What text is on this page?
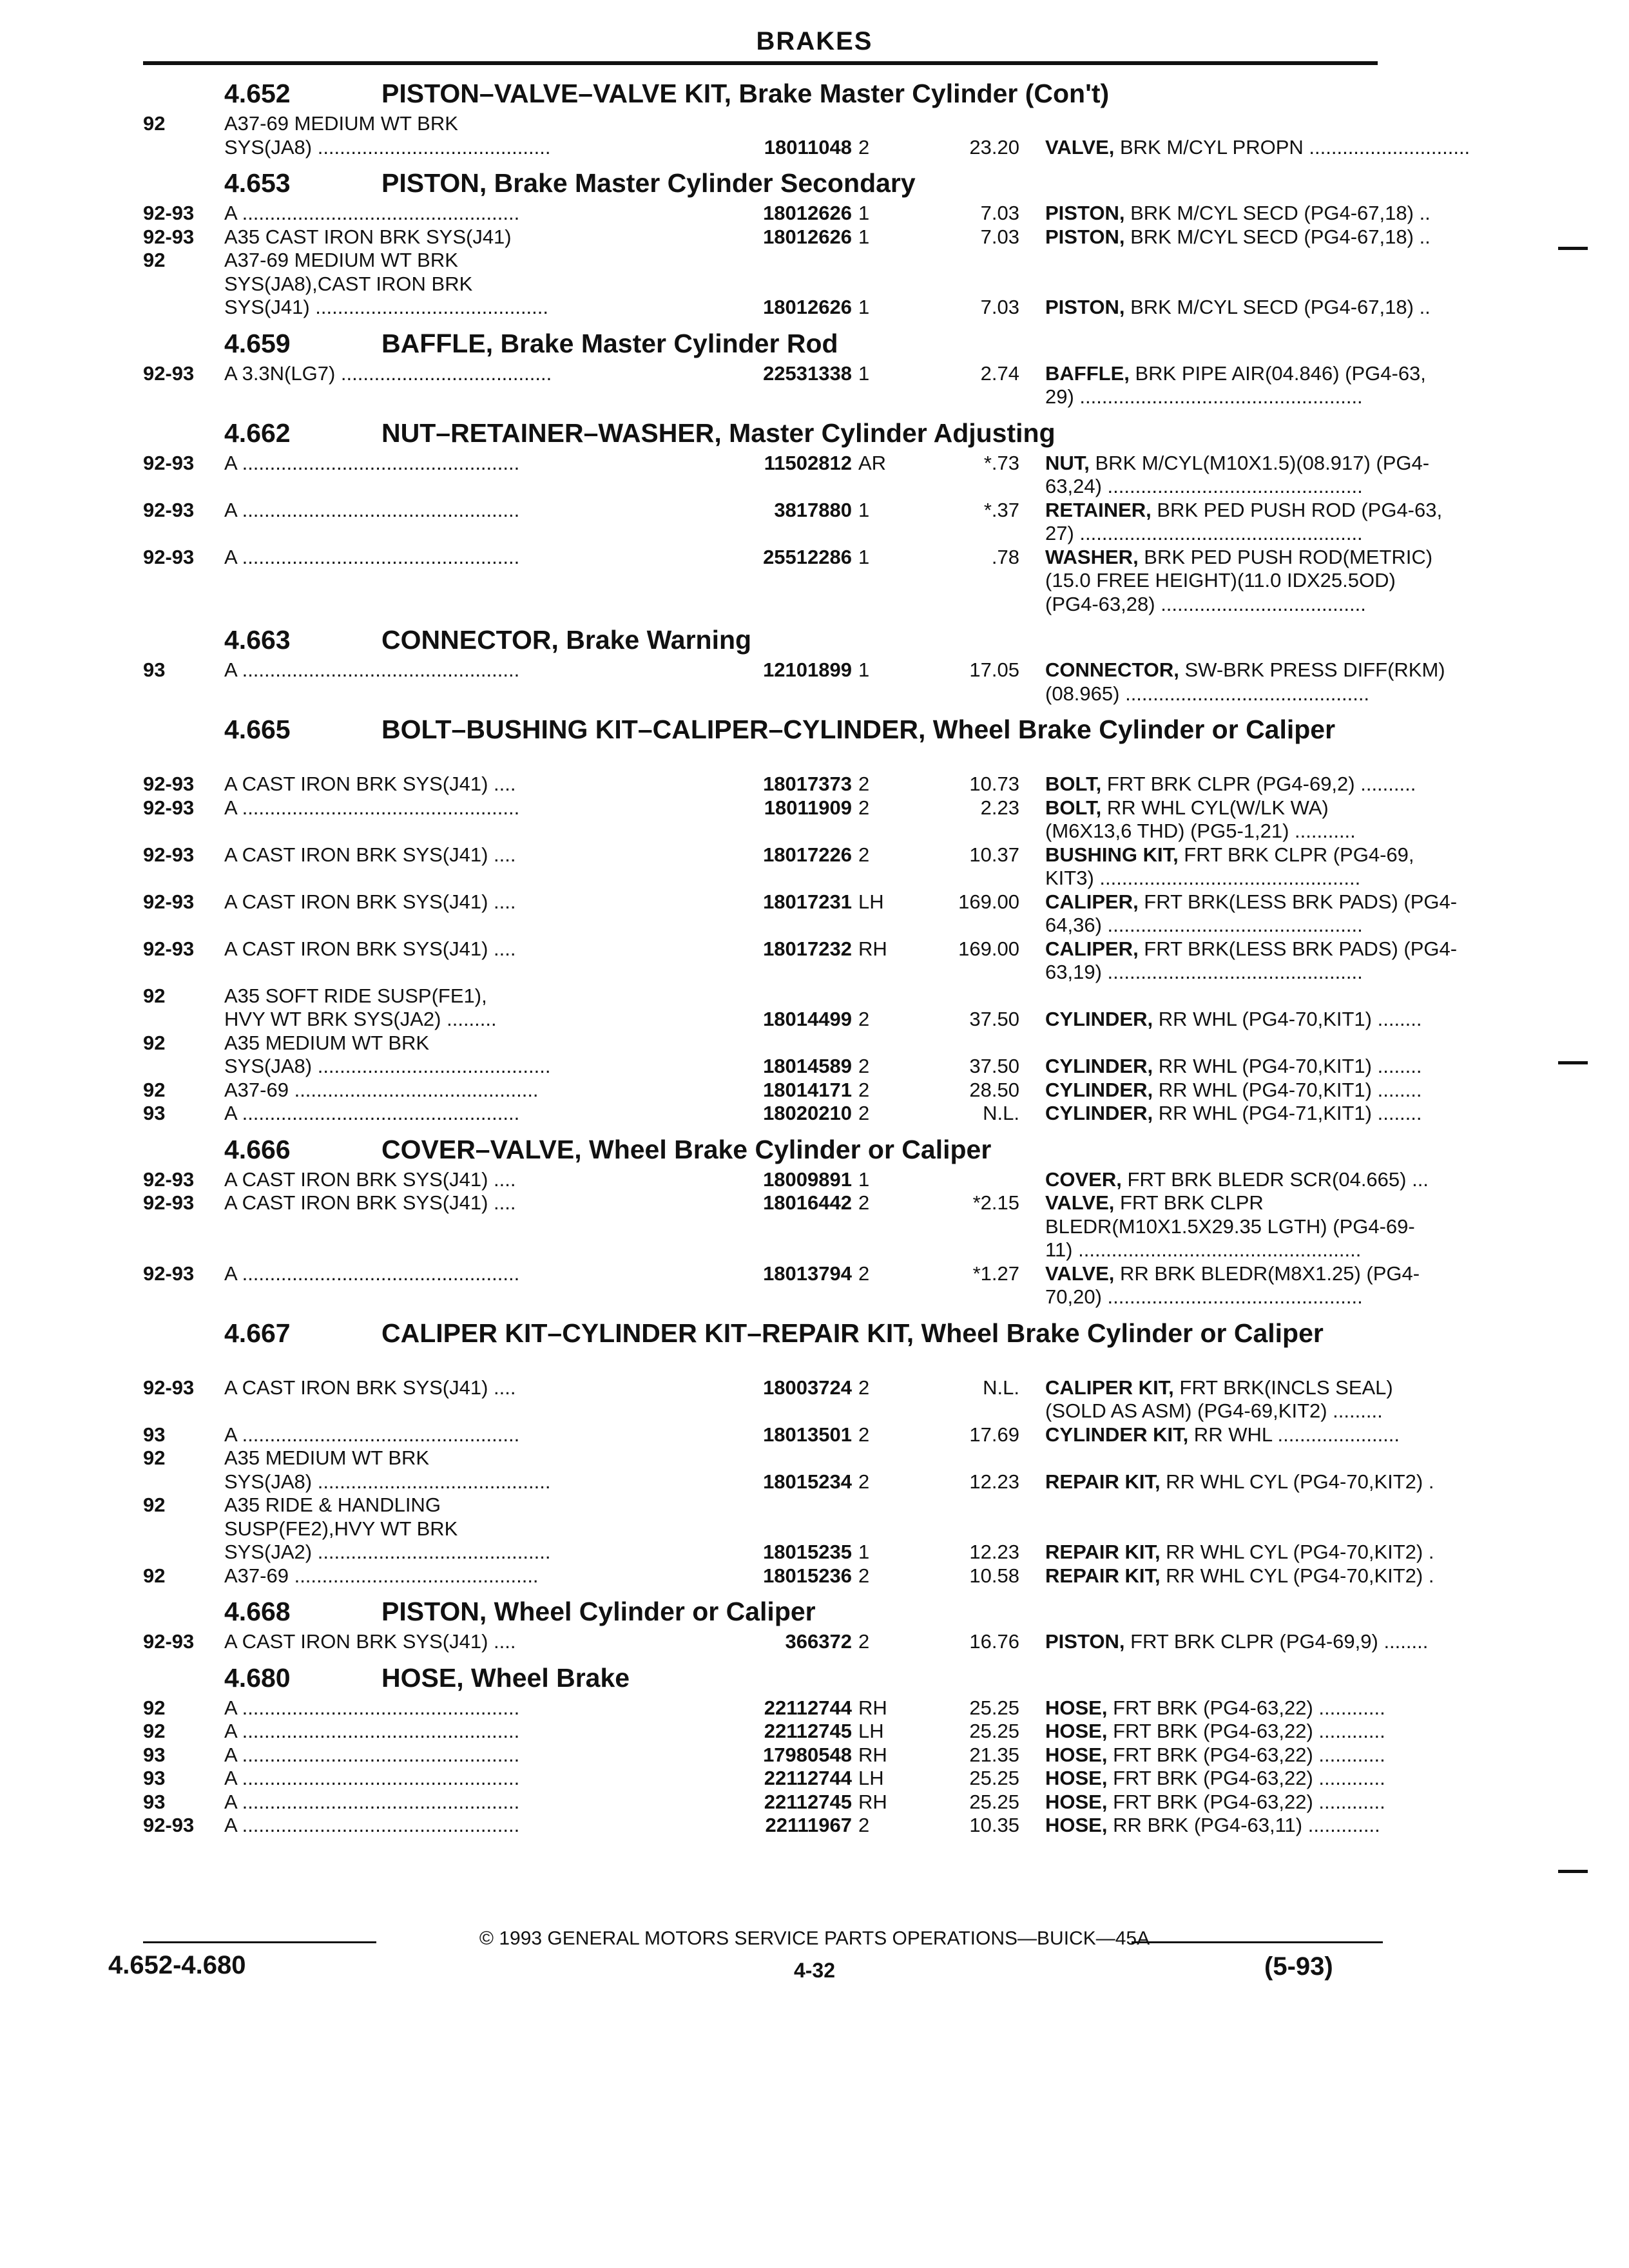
BRAKES
4.652	PISTON–VALVE–VALVE KIT, Brake Master Cylinder (Con't)
92	A37-69 MEDIUM WT BRK
SYS(JA8) ..........................................	18011048 2	23.20 VALVE, BRK M/CYL PROPN .............................
4.653	PISTON, Brake Master Cylinder Secondary
92-93 A ..................................................	18012626 1	7.03 PISTON, BRK M/CYL SECD (PG4-67,18) ..
92-93 A35 CAST IRON BRK SYS(J41)	18012626 1	7.03 PISTON, BRK M/CYL SECD (PG4-67,18) ..
92	A37-69 MEDIUM WT BRK
SYS(JA8),CAST IRON BRK
SYS(J41) ..........................................	18012626 1	7.03 PISTON, BRK M/CYL SECD (PG4-67,18) ..
4.659	BAFFLE, Brake Master Cylinder Rod
92-93 A 3.3N(LG7) ......................................	22531338 1	2.74 BAFFLE, BRK PIPE AIR(04.846) (PG4-63,
29) ...................................................
4.662	NUT–RETAINER–WASHER, Master Cylinder Adjusting
92-93 A ..................................................	11502812 AR	*.73 NUT, BRK M/CYL(M10X1.5)(08.917) (PG4-
63,24) ..............................................
92-93 A ..................................................	3817880 1	*.37 RETAINER, BRK PED PUSH ROD (PG4-63,
27) ...................................................
92-93 A ..................................................	25512286 1	.78 WASHER, BRK PED PUSH ROD(METRIC)
(15.0 FREE HEIGHT)(11.0 IDX25.5OD)
(PG4-63,28) .....................................
4.663	CONNECTOR, Brake Warning
93	A ..................................................	12101899 1	17.05 CONNECTOR, SW-BRK PRESS DIFF(RKM)
(08.965) ............................................
4.665	BOLT–BUSHING KIT–CALIPER–CYLINDER, Wheel Brake Cylinder or Caliper
92-93 A CAST IRON BRK SYS(J41) ....	18017373 2	10.73 BOLT, FRT BRK CLPR (PG4-69,2) ..........
92-93 A ..................................................	18011909 2	2.23 BOLT, RR WHL CYL(W/LK WA)
(M6X13,6 THD) (PG5-1,21) ...........
92-93 A CAST IRON BRK SYS(J41) ....	18017226 2	10.37 BUSHING KIT, FRT BRK CLPR (PG4-69,
KIT3) ...............................................
92-93 A CAST IRON BRK SYS(J41) ....	18017231 LH	169.00 CALIPER, FRT BRK(LESS BRK PADS) (PG4-
64,36) ..............................................
92-93 A CAST IRON BRK SYS(J41) ....	18017232 RH	169.00 CALIPER, FRT BRK(LESS BRK PADS) (PG4-
63,19) ..............................................
92	A35 SOFT RIDE SUSP(FE1),
HVY WT BRK SYS(JA2) .........	18014499 2	37.50 CYLINDER, RR WHL (PG4-70,KIT1) ........
92	A35 MEDIUM WT BRK
SYS(JA8) ..........................................	18014589 2	37.50 CYLINDER, RR WHL (PG4-70,KIT1) ........
92	A37-69 ............................................	18014171 2	28.50 CYLINDER, RR WHL (PG4-70,KIT1) ........
93	A ..................................................	18020210 2	N.L. CYLINDER, RR WHL (PG4-71,KIT1) ........
4.666	COVER–VALVE, Wheel Brake Cylinder or Caliper
92-93 A CAST IRON BRK SYS(J41) ....	18009891 1	COVER, FRT BRK BLEDR SCR(04.665) ...
92-93 A CAST IRON BRK SYS(J41) ....	18016442 2	*2.15 VALVE, FRT BRK CLPR
BLEDR(M10X1.5X29.35 LGTH) (PG4-69-
11) ...................................................
92-93 A ..................................................	18013794 2	*1.27 VALVE, RR BRK BLEDR(M8X1.25) (PG4-
70,20) ..............................................
4.667	CALIPER KIT–CYLINDER KIT–REPAIR KIT, Wheel Brake Cylinder or Caliper
92-93 A CAST IRON BRK SYS(J41) ....	18003724 2	N.L. CALIPER KIT, FRT BRK(INCLS SEAL)
(SOLD AS ASM) (PG4-69,KIT2) .........
93	A ..................................................	18013501 2	17.69 CYLINDER KIT, RR WHL ......................
92	A35 MEDIUM WT BRK
SYS(JA8) ..........................................	18015234 2	12.23 REPAIR KIT, RR WHL CYL (PG4-70,KIT2) .
92	A35 RIDE & HANDLING
SUSP(FE2),HVY WT BRK
SYS(JA2) ..........................................	18015235 1	12.23 REPAIR KIT, RR WHL CYL (PG4-70,KIT2) .
92	A37-69 ............................................	18015236 2	10.58 REPAIR KIT, RR WHL CYL (PG4-70,KIT2) .
4.668	PISTON, Wheel Cylinder or Caliper
92-93 A CAST IRON BRK SYS(J41) ....	366372 2	16.76 PISTON, FRT BRK CLPR (PG4-69,9) ........
4.680	HOSE, Wheel Brake
92	A ..................................................	22112744 RH	25.25 HOSE, FRT BRK (PG4-63,22) ............
92	A ..................................................	22112745 LH	25.25 HOSE, FRT BRK (PG4-63,22) ............
93	A ..................................................	17980548 RH	21.35 HOSE, FRT BRK (PG4-63,22) ............
93	A ..................................................	22112744 LH	25.25 HOSE, FRT BRK (PG4-63,22) ............
93	A ..................................................	22112745 RH	25.25 HOSE, FRT BRK (PG4-63,22) ............
92-93 A ..................................................	22111967 2	10.35 HOSE, RR BRK (PG4-63,11) .............
© 1993 GENERAL MOTORS SERVICE PARTS OPERATIONS—BUICK—45A
4.652-4.680	4-32	(5-93)
